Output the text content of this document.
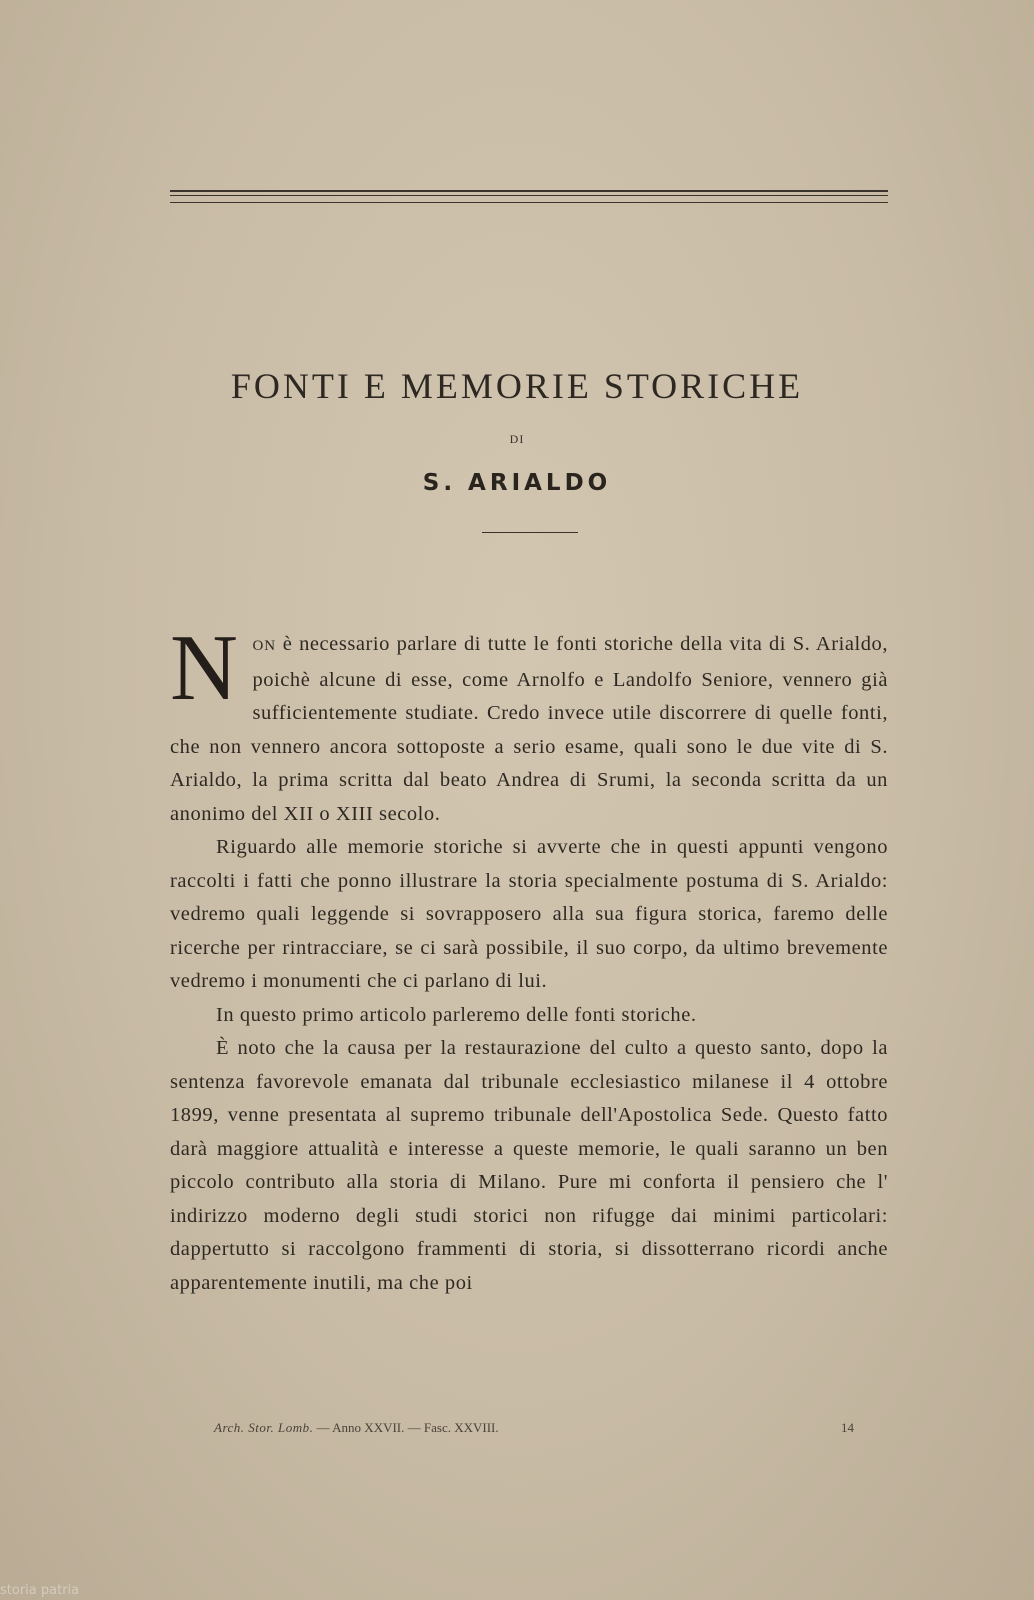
FONTI E MEMORIE STORICHE
DI
S. ARIALDO

NON è necessario parlare di tutte le fonti storiche della vita di S. Arialdo, poichè alcune di esse, come Arnolfo e Landolfo Seniore, vennero già sufficientemente studiate. Credo invece utile discorrere di quelle fonti, che non vennero ancora sottoposte a serio esame, quali sono le due vite di S. Arialdo, la prima scritta dal beato Andrea di Srumi, la seconda scritta da un anonimo del XII o XIII secolo.

Riguardo alle memorie storiche si avverte che in questi appunti vengono raccolti i fatti che ponno illustrare la storia specialmente postuma di S. Arialdo: vedremo quali leggende si sovrapposero alla sua figura storica, faremo delle ricerche per rintracciare, se ci sarà possibile, il suo corpo, da ultimo brevemente vedremo i monumenti che ci parlano di lui.

In questo primo articolo parleremo delle fonti storiche.

È noto che la causa per la restaurazione del culto a questo santo, dopo la sentenza favorevole emanata dal tribunale ecclesiastico milanese il 4 ottobre 1899, venne presentata al supremo tribunale dell'Apostolica Sede. Questo fatto darà maggiore attualità e interesse a queste memorie, le quali saranno un ben piccolo contributo alla storia di Milano. Pure mi conforta il pensiero che l' indirizzo moderno degli studi storici non rifugge dai minimi particolari: dappertutto si raccolgono frammenti di storia, si dissotterrano ricordi anche apparentemente inutili, ma che poi

Arch. Stor. Lomb. — Anno XXVII. — Fasc. XXVIII.	14
storia patria
